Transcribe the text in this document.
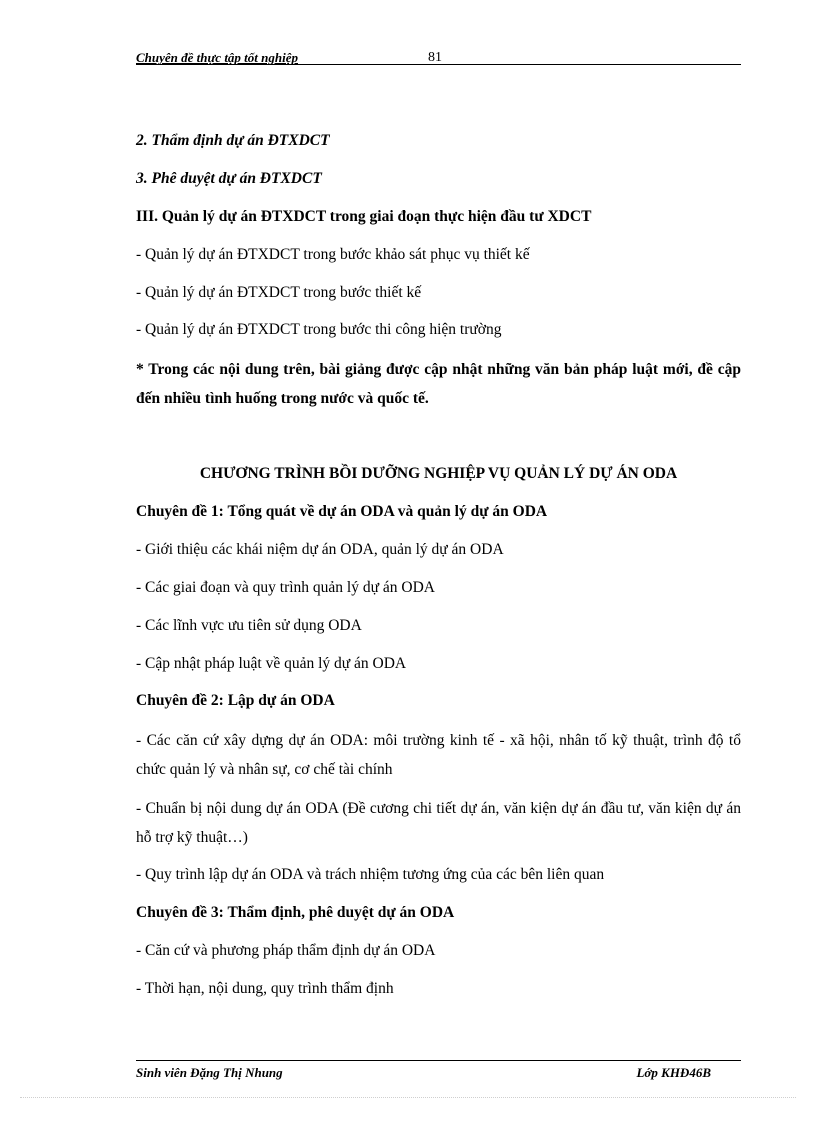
Chuyên đề thực tập tốt nghiệp	81
2. Thẩm định dự án ĐTXDCT
3. Phê duyệt dự án ĐTXDCT
III. Quản lý dự án ĐTXDCT trong giai đoạn thực hiện đầu tư XDCT
- Quản lý dự án ĐTXDCT trong bước khảo sát phục vụ thiết kế
- Quản lý dự án ĐTXDCT trong bước thiết kế
- Quản lý dự án ĐTXDCT trong bước thi công hiện trường
* Trong các nội dung trên, bài giảng được cập nhật những văn bản pháp luật mới, đề cập đến nhiều tình huống trong nước và quốc tế.
CHƯƠNG TRÌNH BỒI DƯỠNG NGHIỆP VỤ QUẢN LÝ DỰ ÁN ODA
Chuyên đề 1: Tổng quát về dự án ODA và quản lý dự án ODA
- Giới thiệu các khái niệm dự án ODA, quản lý dự án ODA
- Các giai đoạn và quy trình quản lý dự án ODA
- Các lĩnh vực ưu tiên sử dụng ODA
- Cập nhật pháp luật về quản lý dự án ODA
Chuyên đề 2: Lập dự án ODA
- Các căn cứ xây dựng dự án ODA: môi trường kinh tế - xã hội, nhân tố kỹ thuật, trình độ tổ chức quản lý và nhân sự, cơ chế tài chính
- Chuẩn bị nội dung dự án ODA (Đề cương chi tiết dự án, văn kiện dự án đầu tư, văn kiện dự án hỗ trợ kỹ thuật…)
- Quy trình lập dự án ODA và trách nhiệm tương ứng của các bên liên quan
Chuyên đề 3: Thẩm định, phê duyệt dự án ODA
- Căn cứ và phương pháp thẩm định dự án ODA
- Thời hạn, nội dung, quy trình thẩm định
Sinh viên Đặng Thị Nhung	Lớp KHĐ46B
